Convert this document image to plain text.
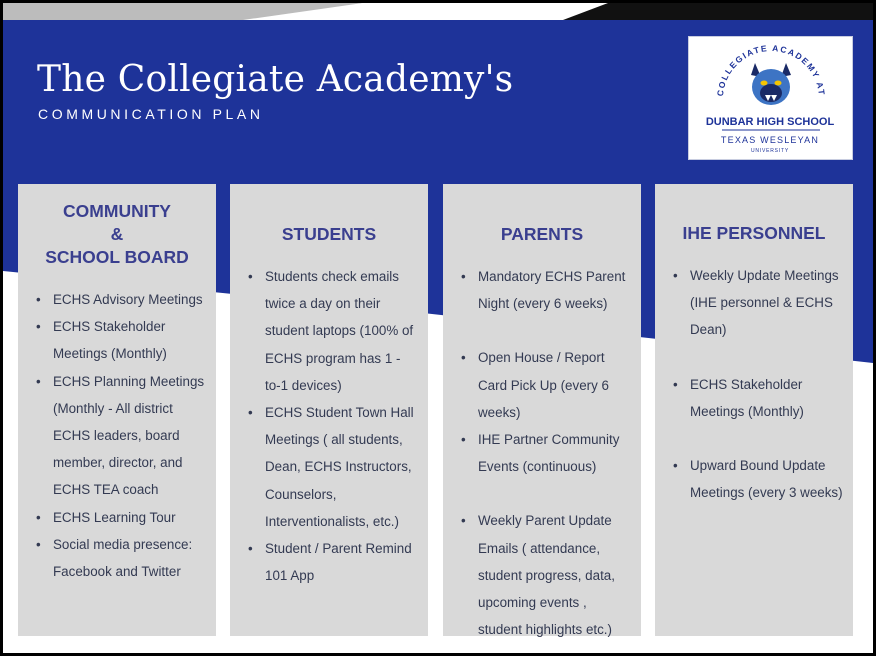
The Collegiate Academy's
COMMUNICATION PLAN
COLLEGIATE ACADEMY AT
DUNBAR HIGH SCHOOL
TEXAS WESLEYAN
UNIVERSITY
COMMUNITY
&
SCHOOL BOARD
• ECHS Advisory Meetings
• ECHS Stakeholder Meetings (Monthly)
• ECHS Planning Meetings (Monthly - All district ECHS leaders, board member, director, and ECHS TEA coach
• ECHS Learning Tour
• Social media presence: Facebook and Twitter
STUDENTS
• Students check emails twice a day on their student laptops (100% of ECHS program has 1 - to-1 devices)
• ECHS Student Town Hall Meetings ( all students, Dean, ECHS Instructors, Counselors, Interventionalists, etc.)
• Student / Parent Remind 101 App
PARENTS
• Mandatory ECHS Parent Night (every 6 weeks)
• Open House / Report Card Pick Up (every 6 weeks)
• IHE Partner Community Events (continuous)
• Weekly Parent Update Emails ( attendance, student progress, data, upcoming events , student highlights etc.)
IHE PERSONNEL
• Weekly Update Meetings (IHE personnel & ECHS Dean)
• ECHS Stakeholder Meetings (Monthly)
• Upward Bound Update Meetings (every 3 weeks)
